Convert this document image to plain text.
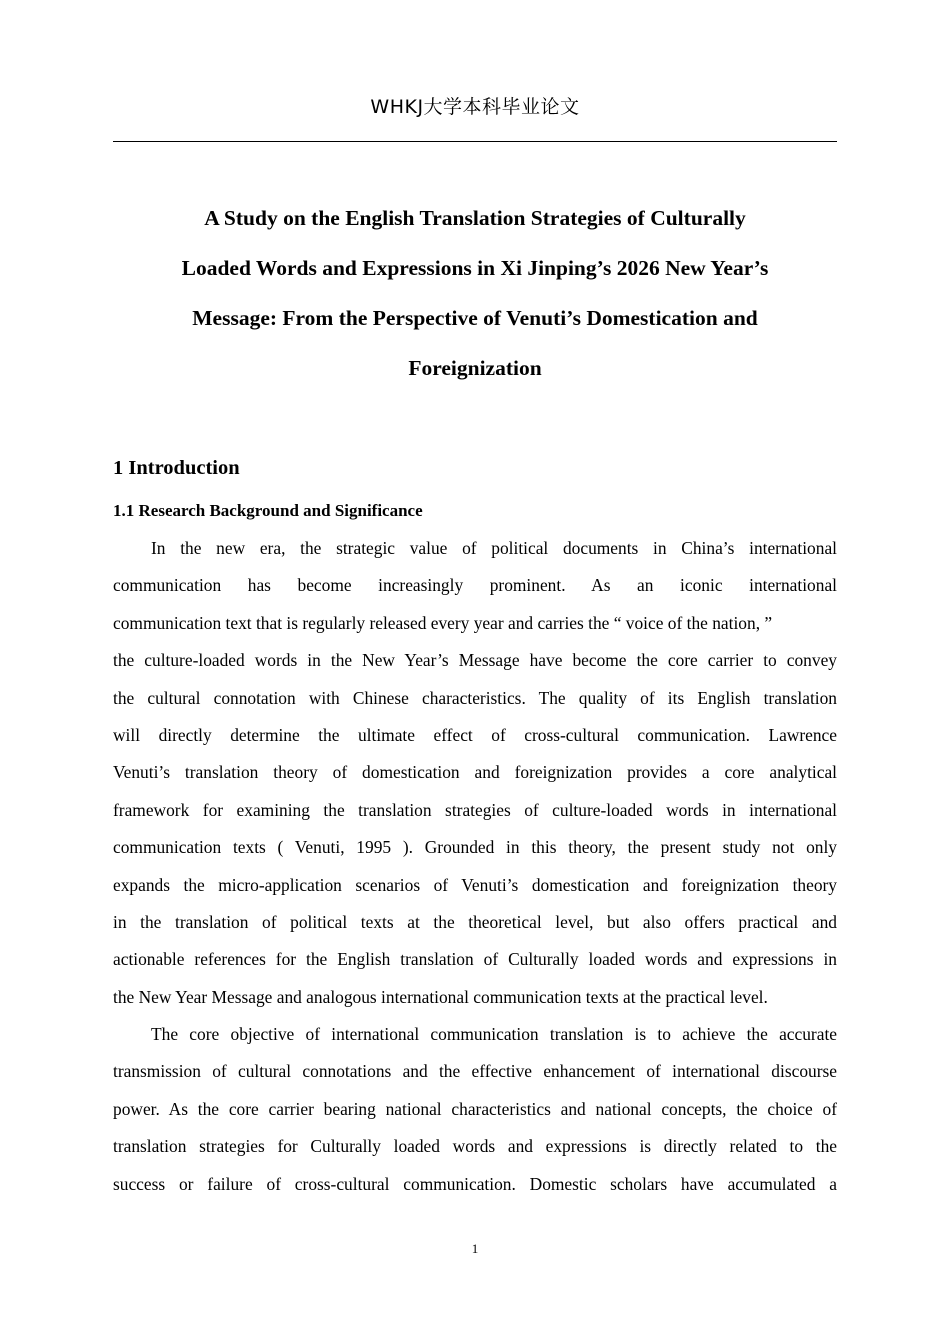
WHKJ大学本科毕业论文
A Study on the English Translation Strategies of Culturally
Loaded Words and Expressions in Xi Jinping’s 2026 New Year’s
Message: From the Perspective of Venuti’s Domestication and
Foreignization
1 Introduction
1.1 Research Background and Significance
In the new era, the strategic value of political documents in China’s international
communication has become increasingly prominent. As an iconic international
communication text that is regularly released every year and carries the “ voice of the nation, ”
the culture-loaded words in the New Year’s Message have become the core carrier to convey
the cultural connotation with Chinese characteristics. The quality of its English translation
will directly determine the ultimate effect of cross-cultural communication. Lawrence
Venuti’s translation theory of domestication and foreignization provides a core analytical
framework for examining the translation strategies of culture-loaded words in international
communication texts ( Venuti, 1995 ). Grounded in this theory, the present study not only
expands the micro-application scenarios of Venuti’s domestication and foreignization theory
in the translation of political texts at the theoretical level, but also offers practical and
actionable references for the English translation of Culturally loaded words and expressions in
the New Year Message and analogous international communication texts at the practical level.
The core objective of international communication translation is to achieve the accurate
transmission of cultural connotations and the effective enhancement of international discourse
power. As the core carrier bearing national characteristics and national concepts, the choice of
translation strategies for Culturally loaded words and expressions is directly related to the
success or failure of cross-cultural communication. Domestic scholars have accumulated a
1
